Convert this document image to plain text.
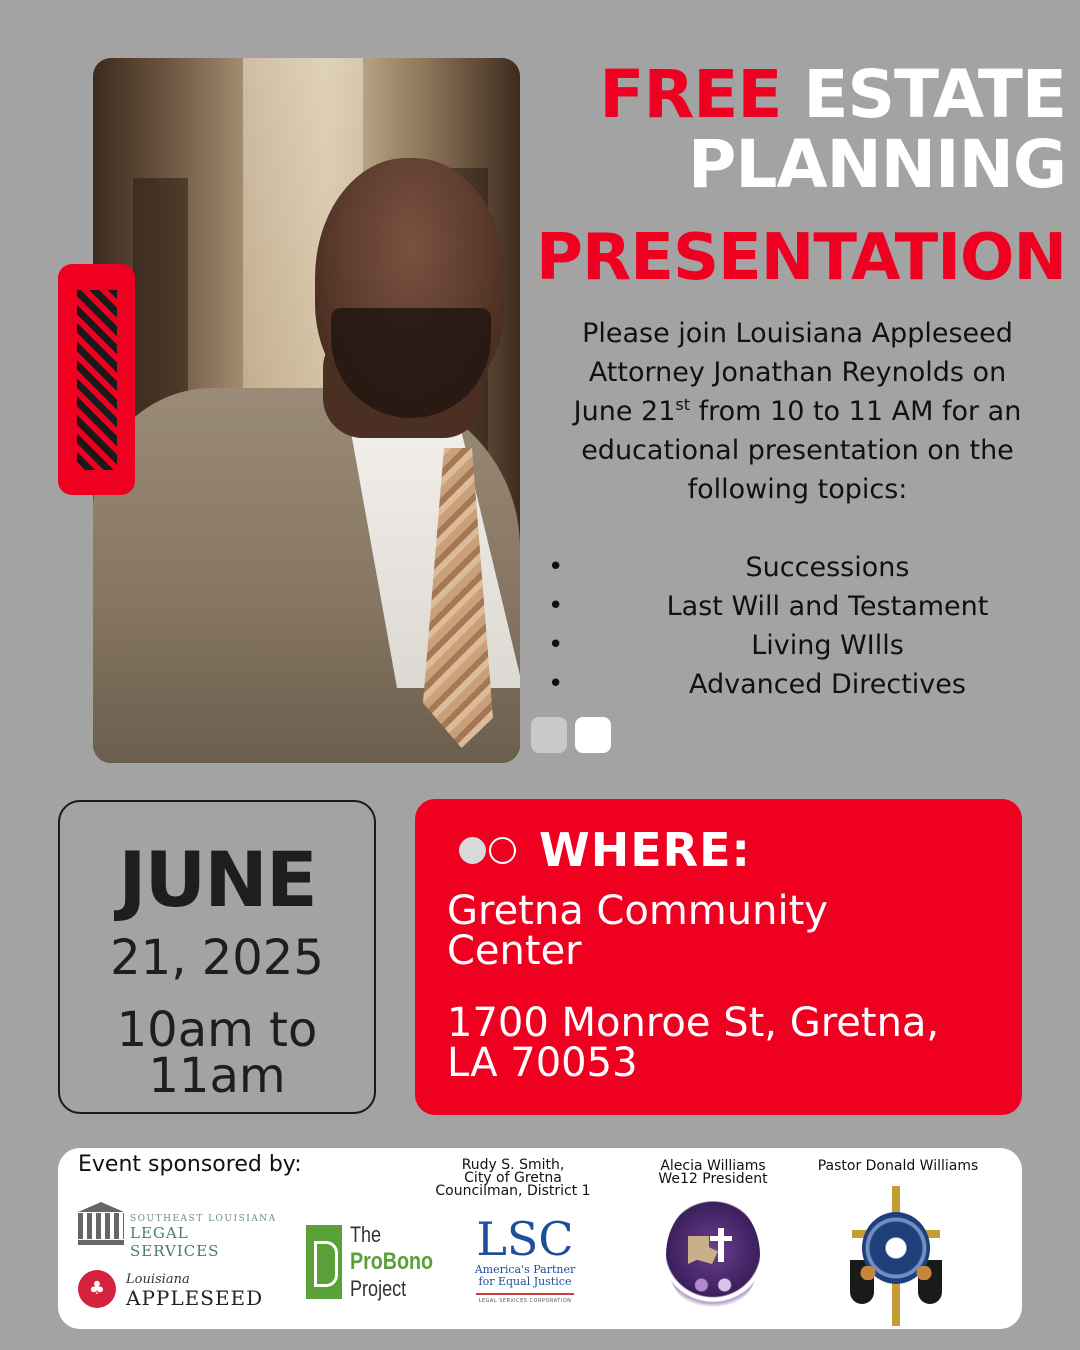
FREE ESTATE
PLANNING
PRESENTATION
Please join Louisiana Appleseed
Attorney Jonathan Reynolds on
June 21st from 10 to 11 AM for an
educational presentation on the
following topics:
•	Successions
•	Last Will and Testament
•	Living WIlls
•	Advanced Directives
JUNE
21, 2025
10am to
11am
WHERE:
Gretna Community
Center
1700 Monroe St, Gretna,
LA 70053
Event sponsored by:	Rudy S. Smith,
City of Gretna
Councilman, District 1
Alecia Williams
We12 President
Pastor Donald Williams
SOUTHEAST LOUISIANA
LEGAL SERVICES
♣	Louisiana
APPLESEED
The
ProBono
Project
LSC
America's Partner
for Equal Justice
LEGAL SERVICES CORPORATION
